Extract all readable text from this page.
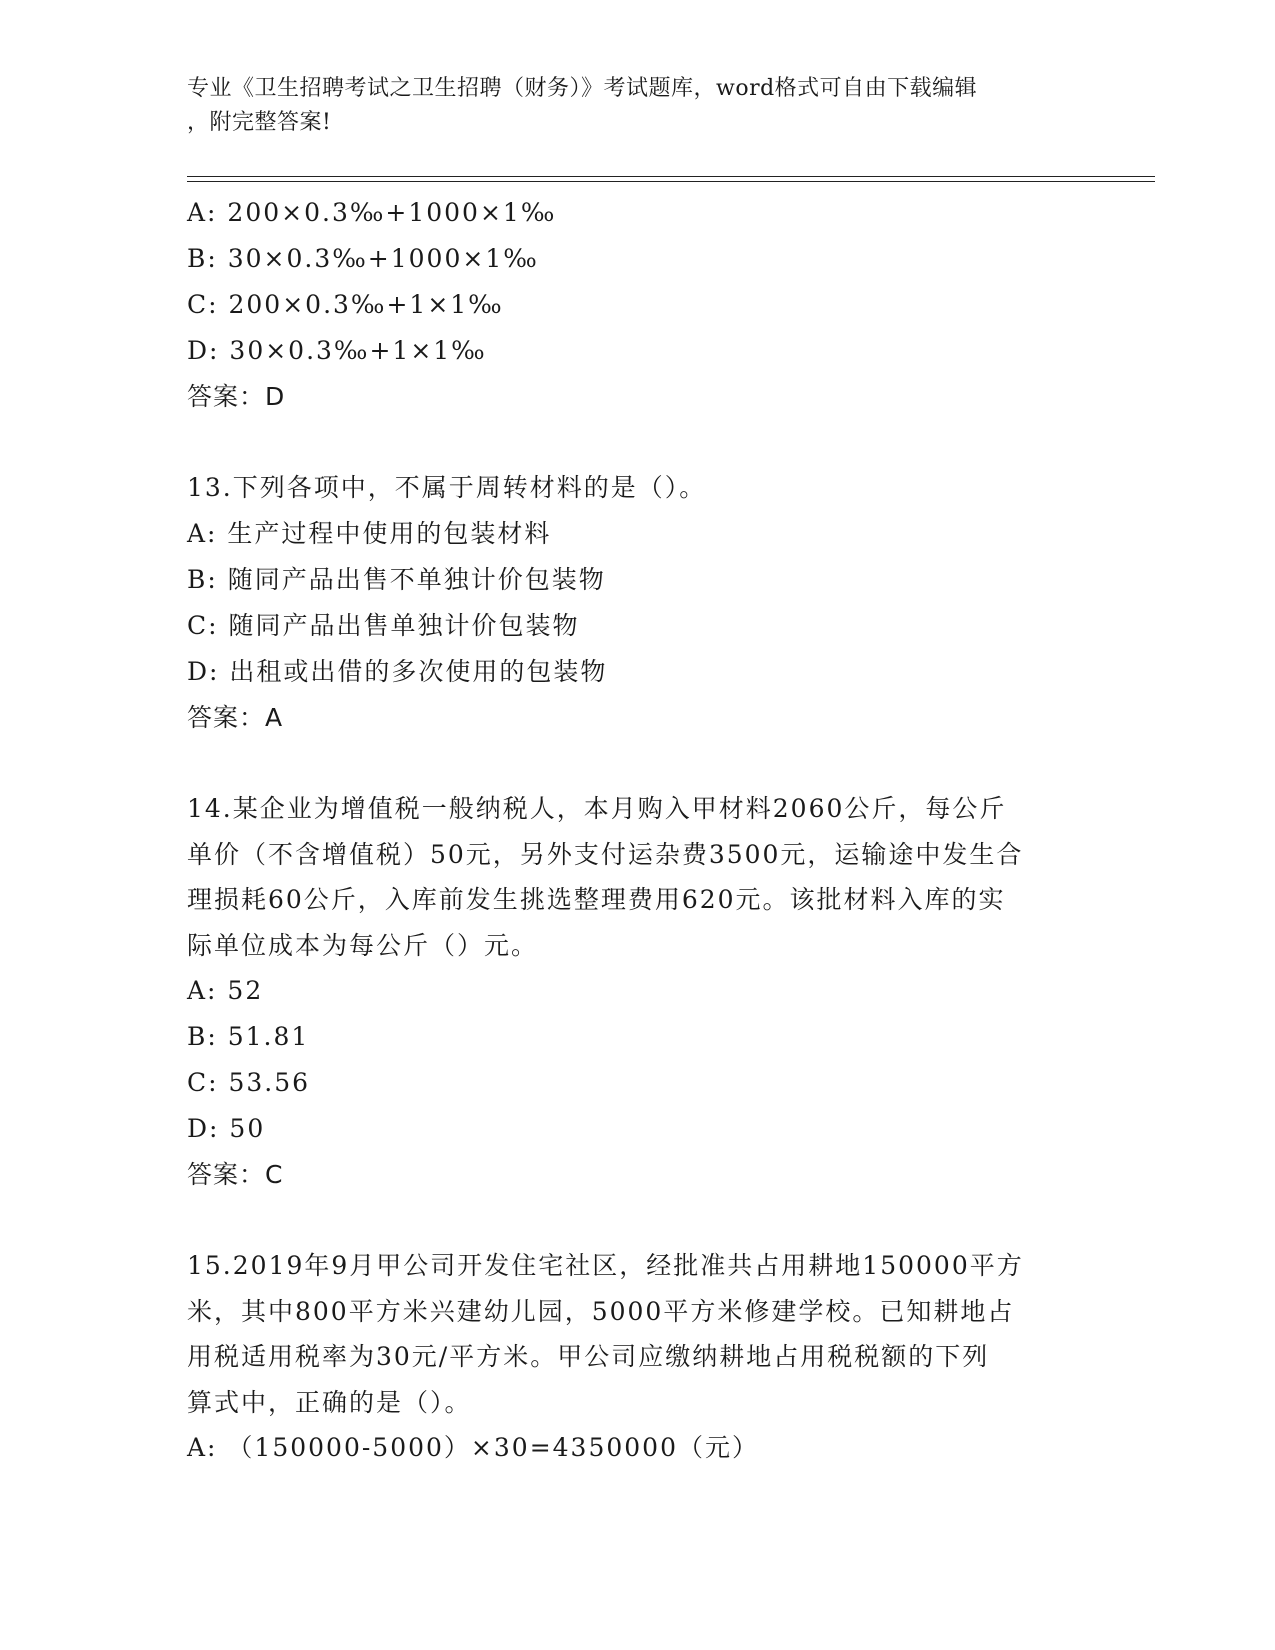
专业《卫生招聘考试之卫生招聘（财务）》考试题库，word格式可自由下载编辑
，附完整答案!
A: 200×0.3‰+1000×1‰
B: 30×0.3‰+1000×1‰
C: 200×0.3‰+1×1‰
D: 30×0.3‰+1×1‰
答案：D
13.下列各项中，不属于周转材料的是（）。
A: 生产过程中使用的包装材料
B: 随同产品出售不单独计价包装物
C: 随同产品出售单独计价包装物
D: 出租或出借的多次使用的包装物
答案：A
14.某企业为增值税一般纳税人，本月购入甲材料2060公斤，每公斤
单价（不含增值税）50元，另外支付运杂费3500元，运输途中发生合
理损耗60公斤，入库前发生挑选整理费用620元。该批材料入库的实
际单位成本为每公斤（）元。
A: 52
B: 51.81
C: 53.56
D: 50
答案：C
15.2019年9月甲公司开发住宅社区，经批准共占用耕地150000平方
米，其中800平方米兴建幼儿园，5000平方米修建学校。已知耕地占
用税适用税率为30元/平方米。甲公司应缴纳耕地占用税税额的下列
算式中，正确的是（）。
A: （150000-5000）×30=4350000（元）
